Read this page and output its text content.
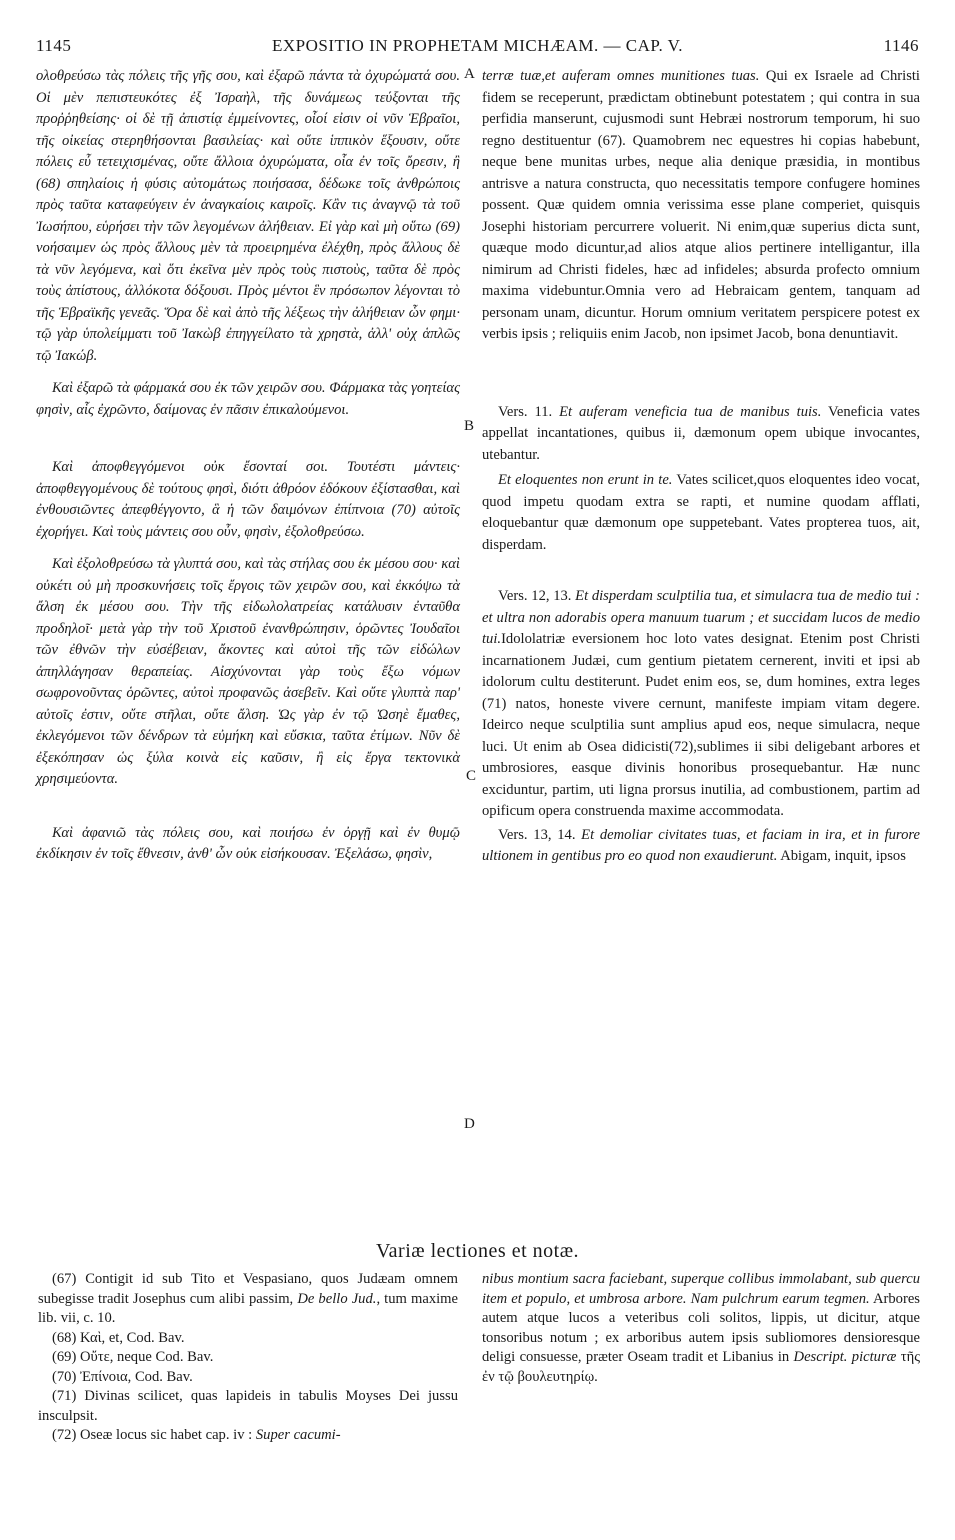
1145	EXPOSITIO IN PROPHETAM MICHÆAM. — CAP. V.	1146

ολοθρεύσω τὰς πόλεις τῆς γῆς σου, καὶ ἐξαρῶ πάντα τὰ ὀχυρώματά σου. Οἱ μὲν πεπιστευκότες ἐξ Ἰσραὴλ, τῆς δυνάμεως τεύξονται τῆς προῤῥηθείσης· οἱ δὲ τῇ ἀπιστίᾳ ἐμμείνοντες, οἷοί εἰσιν οἱ νῦν Ἑβραῖοι, τῆς οἰκείας στερηθήσονται βασιλείας· καὶ οὔτε ἱππικὸν ἕξουσιν, οὔτε πόλεις εὖ τετειχισμένας, οὔτε ἄλλοια ὀχυρώματα, οἷα ἐν τοῖς ὄρεσιν, ἢ (68) σπηλαίοις ἡ φύσις αὐτομάτως ποιήσασα, δέδωκε τοῖς ἀνθρώποις πρὸς ταῦτα καταφεύγειν ἐν ἀναγκαίοις καιροῖς. Κἂν τις ἀναγνῷ τὰ τοῦ Ἰωσήπου, εὑρήσει τὴν τῶν λεγομένων ἀλήθειαν. Εἰ γὰρ καὶ μὴ οὕτω (69) νοήσαιμεν ὡς πρὸς ἄλλους μὲν τὰ προειρημένα ἐλέχθη, πρὸς ἄλλους δὲ τὰ νῦν λεγόμενα, καὶ ὅτι ἐκεῖνα μὲν πρὸς τοὺς πιστοὺς, ταῦτα δὲ πρὸς τοὺς ἀπίστους, ἀλλόκοτα δόξουσι. Πρὸς μέντοι ἓν πρόσωπον λέγονται τὸ τῆς Ἑβραϊκῆς γενεᾶς. Ὅρα δὲ καὶ ἀπὸ τῆς λέξεως τὴν ἀλήθειαν ὧν φημι· τῷ γὰρ ὑπολείμματι τοῦ Ἰακὼβ ἐπηγγείλατο τὰ χρηστὰ, ἀλλ' οὐχ ἁπλῶς τῷ Ἰακώβ.

Καὶ ἐξαρῶ τὰ φάρμακά σου ἐκ τῶν χειρῶν σου. Φάρμακα τὰς γοητείας φησὶν, αἷς ἐχρῶντο, δαίμονας ἐν πᾶσιν ἐπικαλούμενοι.

Καὶ ἀποφθεγγόμενοι οὐκ ἔσονταί σοι. Τουτέστι μάντεις· ἀποφθεγγομένους δὲ τούτους φησὶ, διότι ἀθρόον ἐδόκουν ἐξίστασθαι, καὶ ἐνθουσιῶντες ἀπεφθέγγοντο, ἃ ἡ τῶν δαιμόνων ἐπίπνοια (70) αὐτοῖς ἐχορήγει. Καὶ τοὺς μάντεις σου οὖν, φησὶν, ἐξολοθρεύσω.

Καὶ ἐξολοθρεύσω τὰ γλυπτά σου, καὶ τὰς στήλας σου ἐκ μέσου σου· καὶ οὐκέτι οὐ μὴ προσκυνήσεις τοῖς ἔργοις τῶν χειρῶν σου, καὶ ἐκκόψω τὰ ἄλση ἐκ μέσου σου. Τὴν τῆς εἰδωλολατρείας κατάλυσιν ἐνταῦθα προδηλοῖ· μετὰ γὰρ τὴν τοῦ Χριστοῦ ἐνανθρώπησιν, ὁρῶντες Ἰουδαῖοι τῶν ἐθνῶν τὴν εὐσέβειαν, ἄκοντες καὶ αὐτοὶ τῆς τῶν εἰδώλων ἀπηλλάγησαν θεραπείας. Αἰσχύνονται γὰρ τοὺς ἔξω νόμων σωφρονοῦντας ὁρῶντες, αὐτοὶ προφανῶς ἀσεβεῖν. Καὶ οὔτε γλυπτὰ παρ' αὐτοῖς ἐστιν, οὔτε στῆλαι, οὔτε ἄλση. Ὡς γὰρ ἐν τῷ Ὠσηὲ ἔμαθες, ἐκλεγόμενοι τῶν δένδρων τὰ εὐμήκη καὶ εὔσκια, ταῦτα ἐτίμων. Νῦν δὲ ἐξεκόπησαν ὡς ξύλα κοινὰ εἰς καῦσιν, ἢ εἰς ἔργα τεκτονικὰ χρησιμεύοντα.

Καὶ ἀφανιῶ τὰς πόλεις σου, καὶ ποιήσω ἐν ὀργῇ καὶ ἐν θυμῷ ἐκδίκησιν ἐν τοῖς ἔθνεσιν, ἀνθ' ὧν οὐκ εἰσήκουσαν. Ἐξελάσω, φησὶν,

A
B
C
D

terræ tuæ,et auferam omnes munitiones tuas. Qui ex Israele ad Christi fidem se receperunt, prædictam obtinebunt potestatem ; qui contra in sua perfidia manserunt, cujusmodi sunt Hebræi nostrorum temporum, hi suo regno destituentur (67). Quamobrem nec equestres hi copias habebunt, neque bene munitas urbes, neque alia denique præsidia, in montibus antrisve a natura constructa, quo necessitatis tempore confugere homines possent. Quæ quidem omnia verissima esse plane comperiet, quisquis Josephi historiam percurrere voluerit. Ni enim,quæ superius dicta sunt, quæque modo dicuntur,ad alios atque alios pertinere intelligantur, illa nimirum ad Christi fideles, hæc ad infideles; absurda profecto omnium maxima videbuntur.Omnia vero ad Hebraicam gentem, tanquam ad personam unam, dicuntur. Horum omnium veritatem perspicere potest ex verbis ipsis ; reliquiis enim Jacob, non ipsimet Jacob, bona denuntiavit.

Vers. 11. Et auferam veneficia tua de manibus tuis. Veneficia vates appellat incantationes, quibus ii, dæmonum opem ubique invocantes, utebantur.

Et eloquentes non erunt in te. Vates scilicet,quos eloquentes ideo vocat, quod impetu quodam extra se rapti, et numine quodam afflati, eloquebantur quæ dæmonum ope suppetebant. Vates propterea tuos, ait, disperdam.

Vers. 12, 13. Et disperdam sculptilia tua, et simulacra tua de medio tui : et ultra non adorabis opera manuum tuarum ; et succidam lucos de medio tui.Idololatriæ eversionem hoc loto vates designat. Etenim post Christi incarnationem Judæi, cum gentium pietatem cernerent, inviti et ipsi ab idolorum cultu destiterunt. Pudet enim eos, se, dum homines, extra leges (71) natos, honeste vivere cernunt, manifeste impiam vitam degere. Ideirco neque sculptilia sunt amplius apud eos, neque simulacra, neque luci. Ut enim ab Osea didicisti(72),sublimes ii sibi deligebant arbores et umbrosiores, easque divinis honoribus prosequebantur. Hæ nunc exciduntur, partim, uti ligna prorsus inutilia, ad combustionem, partim ad opificum opera construenda maxime accommodata.

Vers. 13, 14. Et demoliar civitates tuas, et faciam in ira, et in furore ultionem in gentibus pro eo quod non exaudierunt. Abigam, inquit, ipsos

Variæ lectiones et notæ.
(67) Contigit id sub Tito et Vespasiano, quos Judæam omnem subegisse tradit Josephus cum alibi passim, De bello Jud., tum maxime lib. vii, c. 10.
(68) Καὶ, et, Cod. Bav.
(69) Οὔτε, neque Cod. Bav.
(70) Ἐπίνοια, Cod. Bav.
(71) Divinas scilicet, quas lapideis in tabulis Moyses Dei jussu insculpsit.
(72) Oseæ locus sic habet cap. iv : Super cacumi-
nibus montium sacra faciebant, superque collibus immolabant, sub quercu item et populo, et umbrosa arbore. Nam pulchrum earum tegmen. Arbores autem atque lucos a veteribus coli solitos, lippis, ut dicitur, atque tonsoribus notum ; ex arboribus autem ipsis subliomores densioresque deligi consuesse, præter Oseam tradit et Libanius in Descript. picturæ τῆς ἐν τῷ βουλευτηρίῳ.
